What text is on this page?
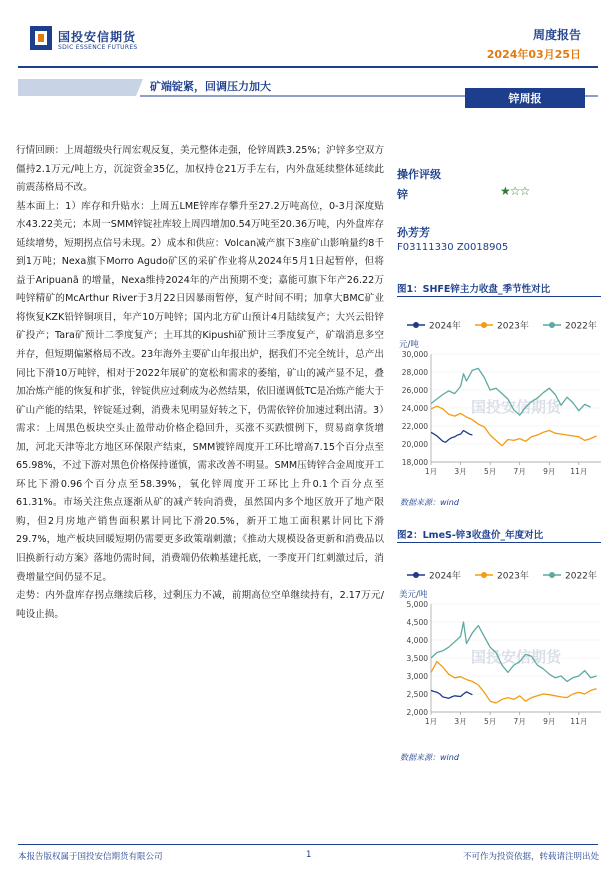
国投安信期货
SDIC ESSENCE FUTURES
周度报告
2024年03月25日
矿端锭紧，回调压力加大
锌周报

行情回顾：上周超级央行周宏观反复，美元整体走强，伦锌周跌3.25%；沪锌多空双方僵持2.1万元/吨上方，沉淀资金35亿，加权持仓21万手左右，内外盘延续整体延续此前震荡格局不改。

基本面上：1）库存和升贴水：上周五LME锌库存攀升至27.2万吨高位，0-3月深度贴水43.22美元；本周一SMM锌锭社库较上周四增加0.54万吨至20.36万吨，内外盘库存延续增势，短期拐点信号未现。2）成本和供应：Volcan减产旗下3座矿山影响量约8千到1万吨；Nexa旗下Morro Agudo矿区的采矿作业将从2024年5月1日起暂停，但将益于Aripuanã 的增量，Nexa维持2024年的产出预期不变；嘉能可旗下年产26.22万吨锌精矿的McArthur River于3月22日因暴雨暂停，复产时间不明；加拿大BMC矿业将恢复KZK铅锌铜项目，年产10万吨锌；国内北方矿山预计4月陆续复产；大兴云铅锌矿投产；Tara矿预计二季度复产；土耳其的Kipushi矿预计三季度复产，矿端消息多空并存，但短期偏紧格局不改。23年海外主要矿山年报出炉，据我们不完全统计，总产出同比下滑10万吨锌，相对于2022年展矿的宽松和需求的萎缩，矿山的减产显不足，叠加冶炼产能的恢复和扩张，锌锭供应过剩成为必然结果，依旧谨调低TC是冶炼产能大于矿山产能的结果，锌锭延过剩，消费未见明显好转之下，仍需依锌价加速过剩出清。3）需求：上周黑色板块空头止盈带动价格企稳回升，买涨不买跌惯例下，贸易商拿货增加，河北天津等北方地区环保限产结束，SMM镀锌周度开工环比增高7.15个百分点至65.98%，不过下游对黑色价格保持谨慎，需求改善不明显。SMM压铸锌合金周度开工环比下滑0.96个百分点至58.39%，氧化锌周度开工环比上升0.1个百分点至61.31%。市场关注焦点逐渐从矿的减产转向消费，虽然国内多个地区放开了地产限购，但2月房地产销售面积累计同比下滑20.5%，新开工地工面积累计同比下滑29.7%，地产板块回暖短期仍需要更多政策端刺激；《推动大规模设备更新和消费品以旧换新行动方案》落地仍需时间，消费端仍依赖基建托底，一季度开门红刺激过后，消费增量空间仍显不足。

走势：内外盘库存拐点继续后移，过剩压力不减，前期高位空单继续持有，2.17万元/吨设止损。

操作评级
锌	★☆☆
孙芳芳
F03111330 Z0018905
图1：SHFE锌主力收盘_季节性对比
2024年	2023年	2022年
元/吨
国投安信期货
18,000
20,000
22,000
24,000
26,000
28,000
30,000
1月 3月 5月 7月 9月 11月
数据来源：wind
图2：LmeS-锌3收盘价_年度对比
2024年	2023年	2022年
美元/吨
国投安信期货
2,000
2,500
3,000
3,500
4,000
4,500
5,000
1月 3月 5月 7月 9月 11月
数据来源：wind
本报告版权属于国投安信期货有限公司	1	不可作为投资依据，转载请注明出处
